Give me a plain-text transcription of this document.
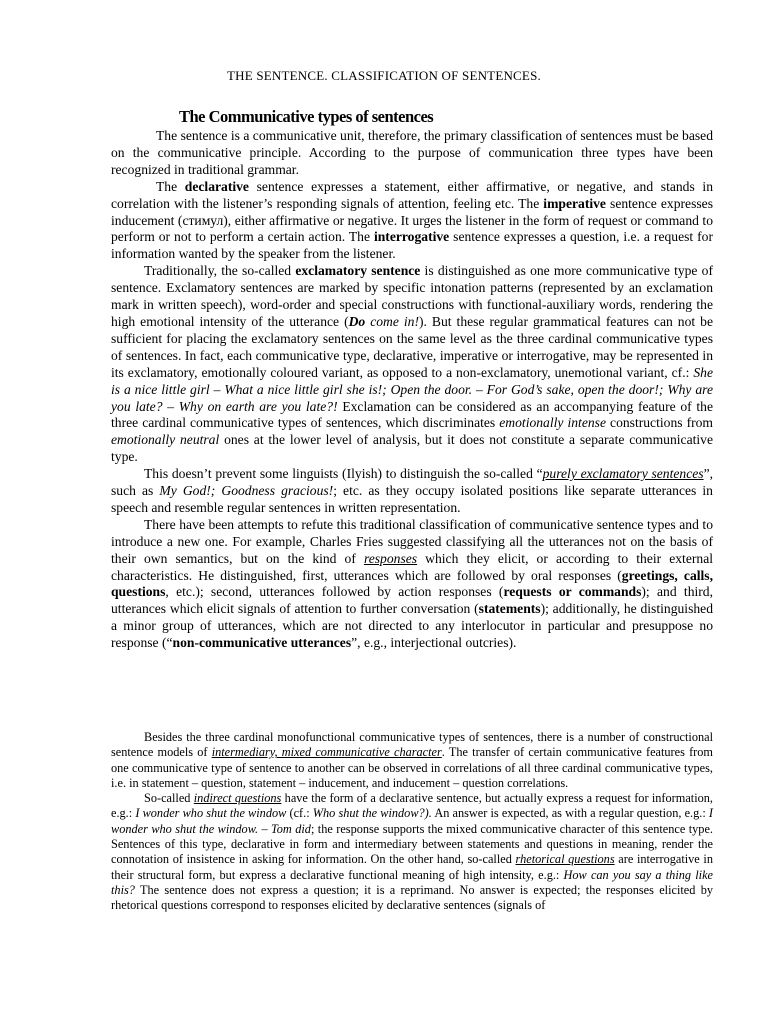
THE SENTENCE. CLASSIFICATION OF SENTENCES.
The Communicative types of sentences

The sentence is a communicative unit, therefore, the primary classification of sentences must be based on the communicative principle. According to the purpose of communication three types have been recognized in traditional grammar.

The declarative sentence expresses a statement, either affirmative, or negative, and stands in correlation with the listener’s responding signals of attention, feeling etc. The imperative sentence expresses inducement (стимул), either affirmative or negative. It urges the listener in the form of request or command to perform or not to perform a certain action. The interrogative sentence expresses a question, i.e. a request for information wanted by the speaker from the listener.

Traditionally, the so-called exclamatory sentence is distinguished as one more communicative type of sentence. Exclamatory sentences are marked by specific intonation patterns (represented by an exclamation mark in written speech), word-order and special constructions with functional-auxiliary words, rendering the high emotional intensity of the utterance (Do come in!). But these regular grammatical features can not be sufficient for placing the exclamatory sentences on the same level as the three cardinal communicative types of sentences. In fact, each communicative type, declarative, imperative or interrogative, may be represented in its exclamatory, emotionally coloured variant, as opposed to a non-exclamatory, unemotional variant, cf.: She is a nice little girl – What a nice little girl she is!; Open the door. – For God’s sake, open the door!; Why are you late? – Why on earth are you late?! Exclamation can be considered as an accompanying feature of the three cardinal communicative types of sentences, which discriminates emotionally intense constructions from emotionally neutral ones at the lower level of analysis, but it does not constitute a separate communicative type.

This doesn’t prevent some linguists (Ilyish) to distinguish the so-called “purely exclamatory sentences”, such as My God!; Goodness gracious!; etc. as they occupy isolated positions like separate utterances in speech and resemble regular sentences in written representation.

There have been attempts to refute this traditional classification of communicative sentence types and to introduce a new one. For example, Charles Fries suggested classifying all the utterances not on the basis of their own semantics, but on the kind of responses which they elicit, or according to their external characteristics. He distinguished, first, utterances which are followed by oral responses (greetings, calls, questions, etc.); second, utterances followed by action responses (requests or commands); and third, utterances which elicit signals of attention to further conversation (statements); additionally, he distinguished a minor group of utterances, which are not directed to any interlocutor in particular and presuppose no response (“non-communicative utterances”, e.g., interjectional outcries).

Besides the three cardinal monofunctional communicative types of sentences, there is a number of constructional sentence models of intermediary, mixed communicative character. The transfer of certain communicative features from one communicative type of sentence to another can be observed in correlations of all three cardinal communicative types, i.e. in statement – question, statement – inducement, and inducement – question correlations.

So-called indirect questions have the form of a declarative sentence, but actually express a request for information, e.g.: I wonder who shut the window (cf.: Who shut the window?). An answer is expected, as with a regular question, e.g.: I wonder who shut the window. – Tom did; the response supports the mixed communicative character of this sentence type. Sentences of this type, declarative in form and intermediary between statements and questions in meaning, render the connotation of insistence in asking for information. On the other hand, so-called rhetorical questions are interrogative in their structural form, but express a declarative functional meaning of high intensity, e.g.: How can you say a thing like this? The sentence does not express a question; it is a reprimand. No answer is expected; the responses elicited by rhetorical questions correspond to responses elicited by declarative sentences (signals of
